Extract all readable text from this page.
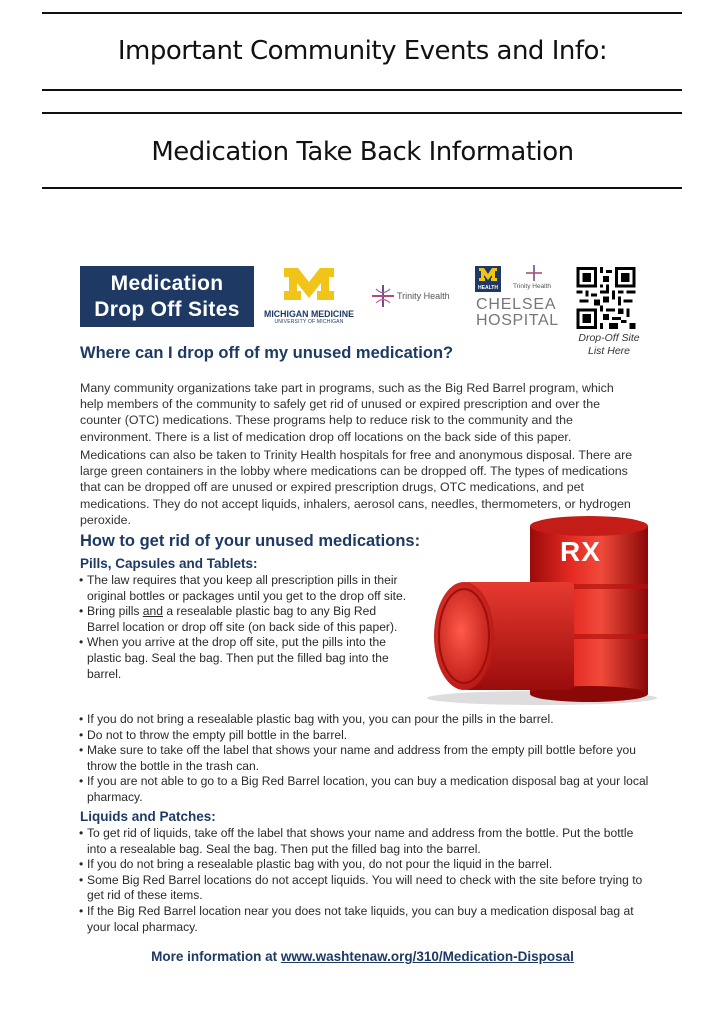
Important Community Events and Info:
Medication Take Back Information
Medication
Drop Off Sites	MICHIGAN MEDICINE
UNIVERSITY OF MICHIGAN
Trinity Health
HEALTH	Trinity Health
CHELSEA
HOSPITAL
Drop-Off Site
List Here
Where can I drop off of my unused medication?
Many community organizations take part in programs, such as the Big Red Barrel program, which help members of the community to safely get rid of unused or expired prescription and over the counter (OTC) medications. These programs help to reduce risk to the community and the environment. There is a list of medication drop off locations on the back side of this paper.
Medications can also be taken to Trinity Health hospitals for free and anonymous disposal. There are large green containers in the lobby where medications can be dropped off. The types of medications that can be dropped off are unused or expired prescription drugs, OTC medications, and pet medications. They do not accept liquids, inhalers, aerosol cans, needles, thermometers, or hydrogen peroxide.
How to get rid of your unused medications:
Pills, Capsules and Tablets:	RX
• The law requires that you keep all prescription pills in their original bottles or packages until you get to the drop off site.
• Bring pills and a resealable plastic bag to any Big Red Barrel location or drop off site (on back side of this paper).
• When you arrive at the drop off site, put the pills into the plastic bag. Seal the bag. Then put the filled bag into the barrel.
• If you do not bring a resealable plastic bag with you, you can pour the pills in the barrel.
• Do not to throw the empty pill bottle in the barrel.
• Make sure to take off the label that shows your name and address from the empty pill bottle before you throw the bottle in the trash can.
• If you are not able to go to a Big Red Barrel location, you can buy a medication disposal bag at your local pharmacy.
Liquids and Patches:
• To get rid of liquids, take off the label that shows your name and address from the bottle. Put the bottle into a resealable bag. Seal the bag. Then put the filled bag into the barrel.
• If you do not bring a resealable plastic bag with you, do not pour the liquid in the barrel.
• Some Big Red Barrel locations do not accept liquids. You will need to check with the site before trying to get rid of these items.
• If the Big Red Barrel location near you does not take liquids, you can buy a medication disposal bag at your local pharmacy.
More information at www.washtenaw.org/310/Medication-Disposal
